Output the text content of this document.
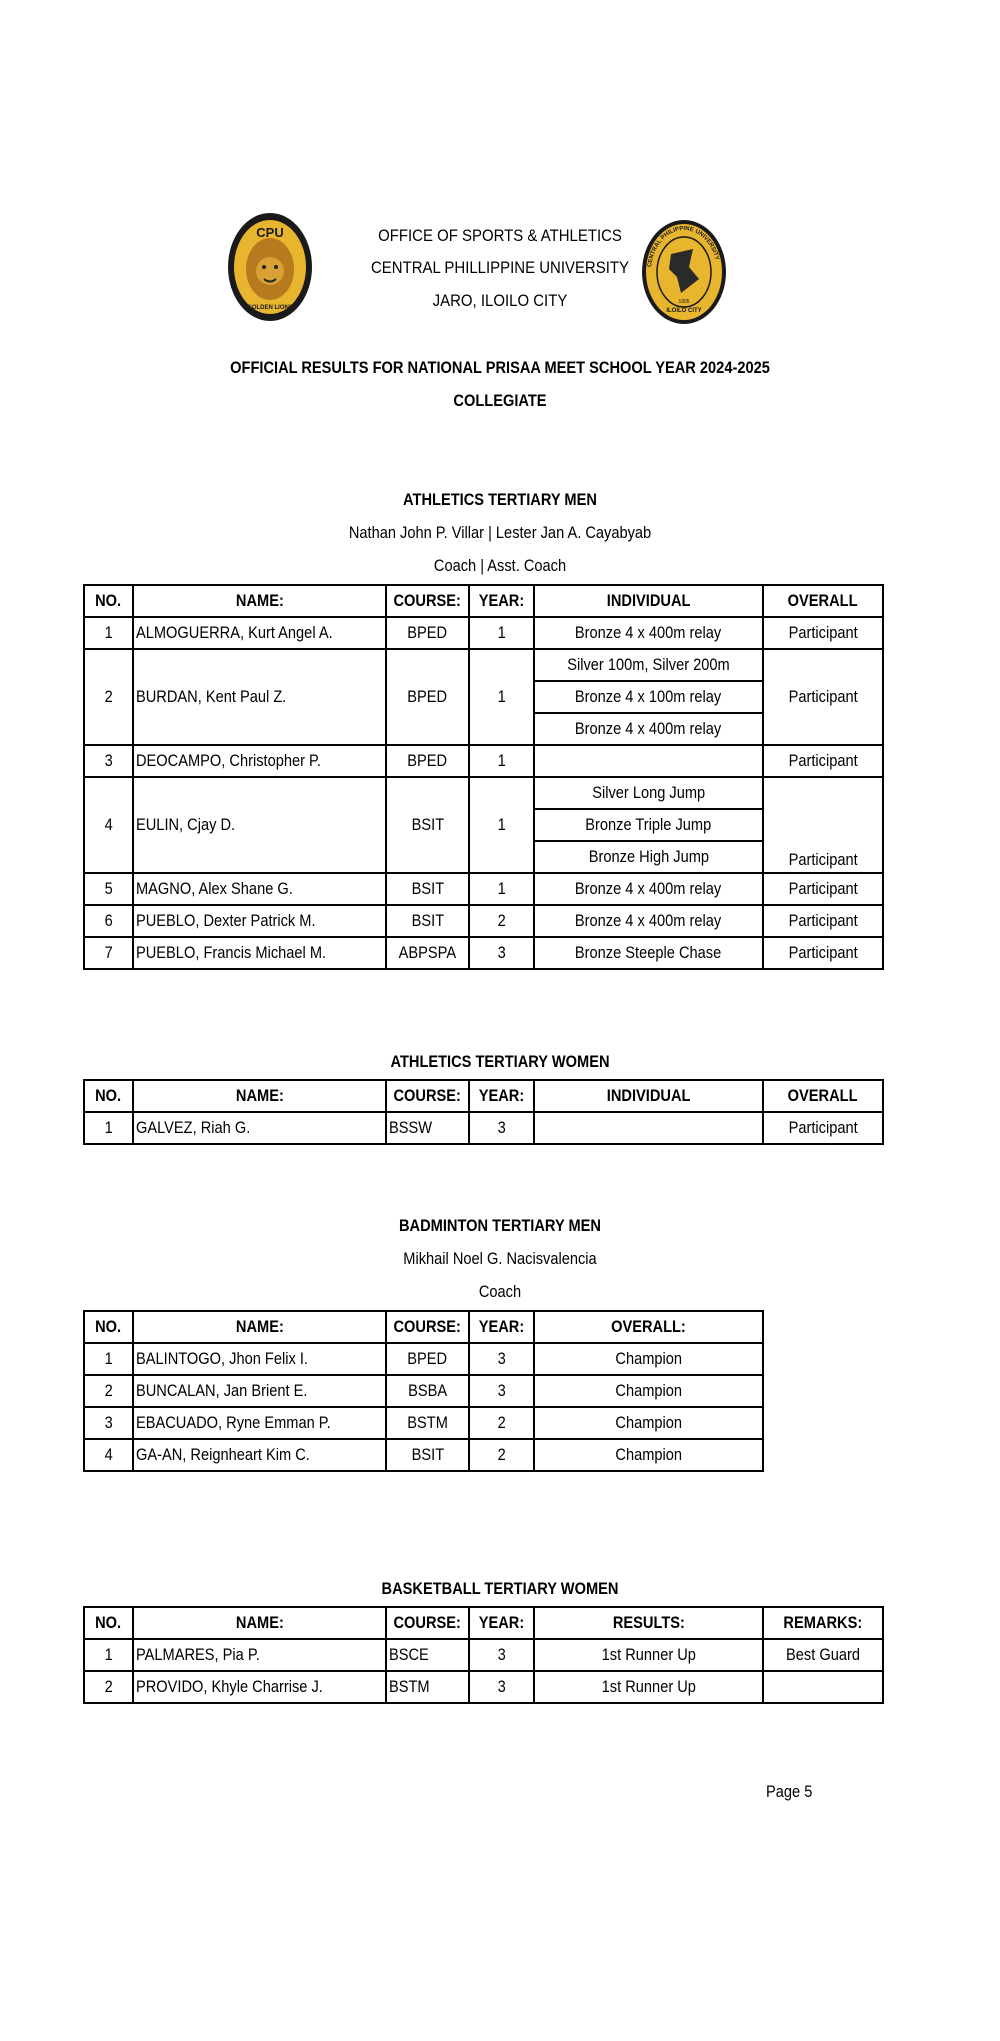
CPU
GOLDEN LIONS
OFFICE OF SPORTS & ATHLETICS
CENTRAL PHILLIPPINE UNIVERSITY
JARO, ILOILO CITY
CENTRAL PHILIPPINE UNIVERSITY
1905
ILOILO CITY
OFFICIAL RESULTS FOR NATIONAL PRISAA MEET SCHOOL YEAR 2024-2025
COLLEGIATE
ATHLETICS TERTIARY MEN
Nathan John P. Villar | Lester Jan A. Cayabyab
Coach | Asst. Coach
NO.	NAME:	COURSE:	YEAR:	INDIVIDUAL	OVERALL
1	ALMOGUERRA, Kurt Angel A.	BPED	1	Bronze 4 x 400m relay	Participant
2	BURDAN, Kent Paul Z.	BPED	1	Silver 100m, Silver 200m	Participant
				Bronze 4 x 100m relay	
				Bronze 4 x 400m relay	
3	DEOCAMPO, Christopher P.	BPED	1		Participant
4	EULIN, Cjay D.	BSIT	1	Silver Long Jump	Participant
				Bronze Triple Jump	
				Bronze High Jump	
5	MAGNO, Alex Shane G.	BSIT	1	Bronze 4 x 400m relay	Participant
6	PUEBLO, Dexter Patrick M.	BSIT	2	Bronze 4 x 400m relay	Participant
7	PUEBLO, Francis Michael M.	ABPSPA	3	Bronze Steeple Chase	Participant
ATHLETICS TERTIARY WOMEN
NO.	NAME:	COURSE:	YEAR:	INDIVIDUAL	OVERALL
1	GALVEZ, Riah G.	BSSW	3		Participant
BADMINTON TERTIARY MEN
Mikhail Noel G. Nacisvalencia
Coach
NO.	NAME:	COURSE:	YEAR:	OVERALL:
1	BALINTOGO, Jhon Felix I.	BPED	3	Champion
2	BUNCALAN, Jan Brient E.	BSBA	3	Champion
3	EBACUADO, Ryne Emman P.	BSTM	2	Champion
4	GA-AN, Reignheart Kim C.	BSIT	2	Champion
BASKETBALL TERTIARY WOMEN
NO.	NAME:	COURSE:	YEAR:	RESULTS:	REMARKS:
1	PALMARES, Pia P.	BSCE	3	1st Runner Up	Best Guard
2	PROVIDO, Khyle Charrise J.	BSTM	3	1st Runner Up	
Page 5
